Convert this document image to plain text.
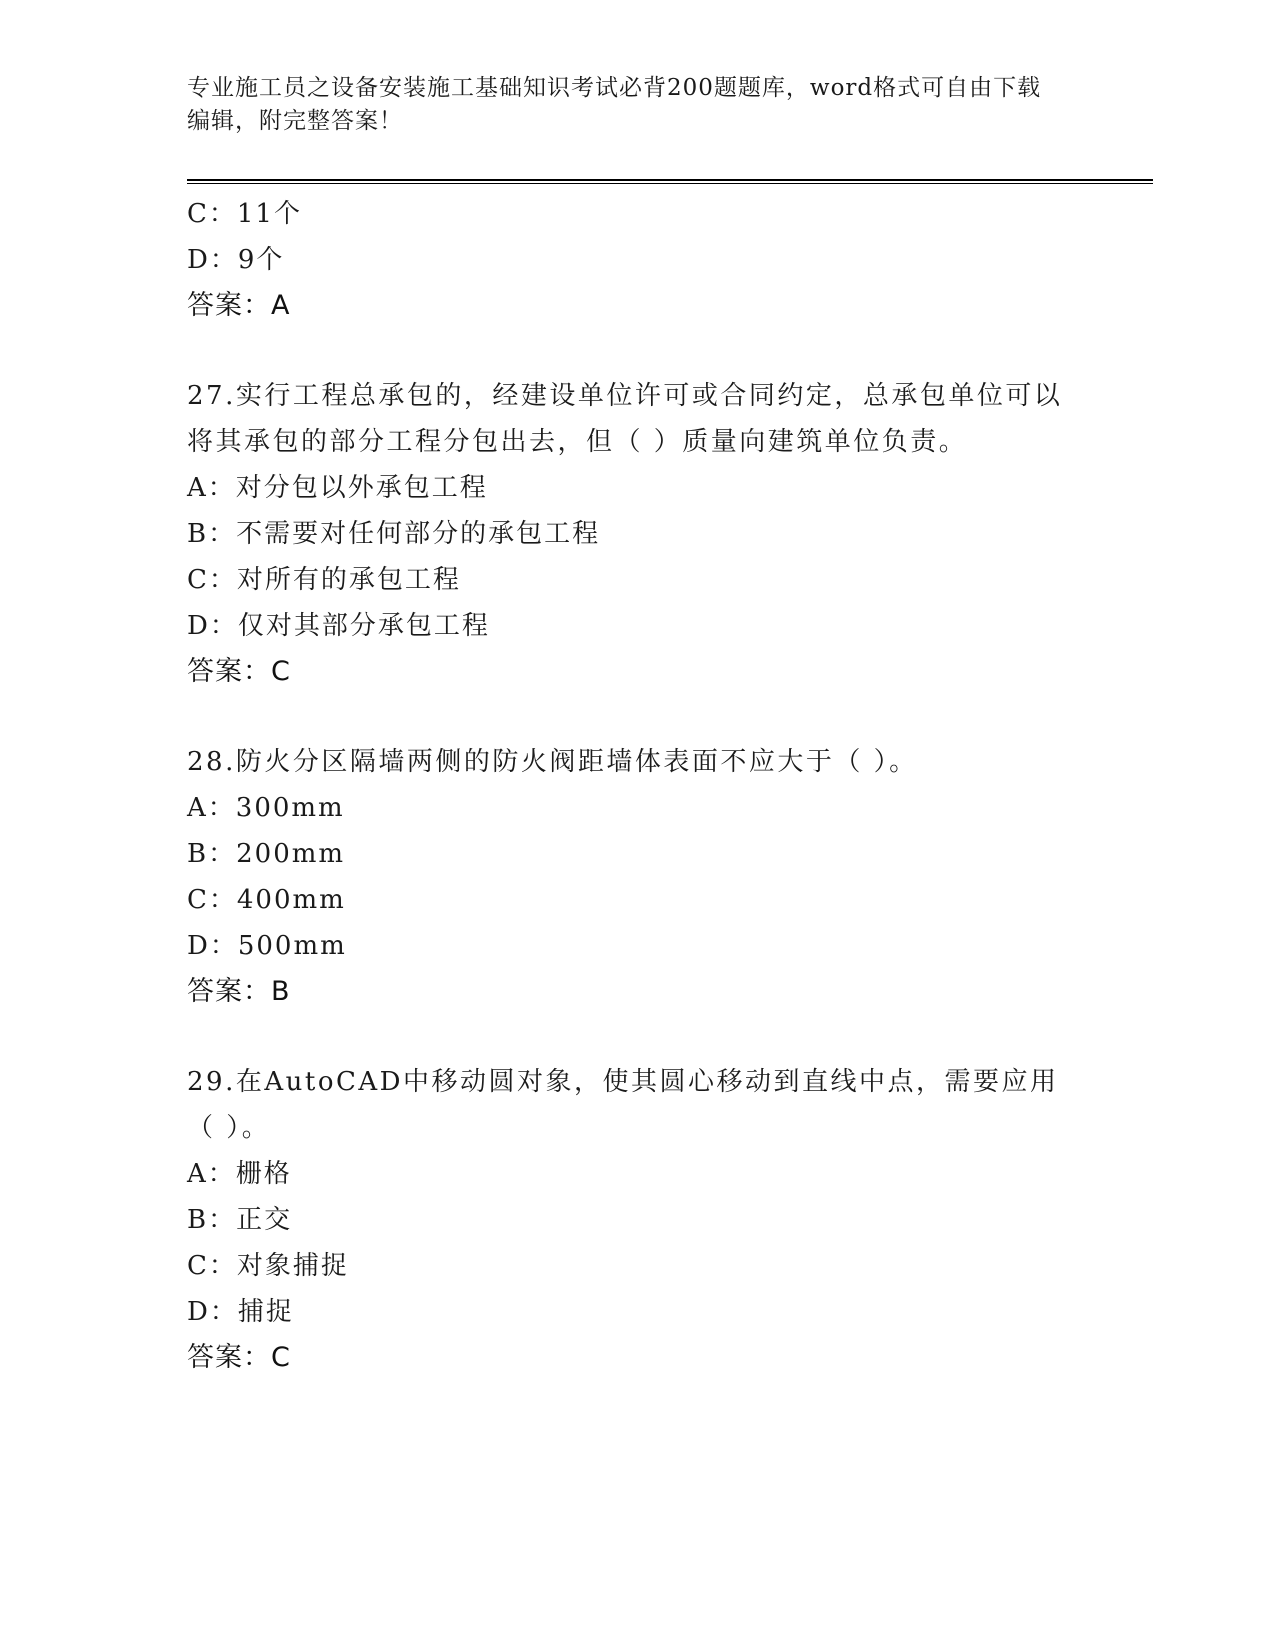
专业施工员之设备安装施工基础知识考试必背200题题库，word格式可自由下载
编辑，附完整答案！
C：11个
D：9个
答案：A
27.实行工程总承包的，经建设单位许可或合同约定，总承包单位可以将其承包的部分工程分包出去，但（ ）质量向建筑单位负责。
A：对分包以外承包工程
B：不需要对任何部分的承包工程
C：对所有的承包工程
D：仅对其部分承包工程
答案：C
28.防火分区隔墙两侧的防火阀距墙体表面不应大于（ ）。
A：300mm
B：200mm
C：400mm
D：500mm
答案：B
29.在AutoCAD中移动圆对象，使其圆心移动到直线中点，需要应用（ ）。
A：栅格
B：正交
C：对象捕捉
D：捕捉
答案：C
